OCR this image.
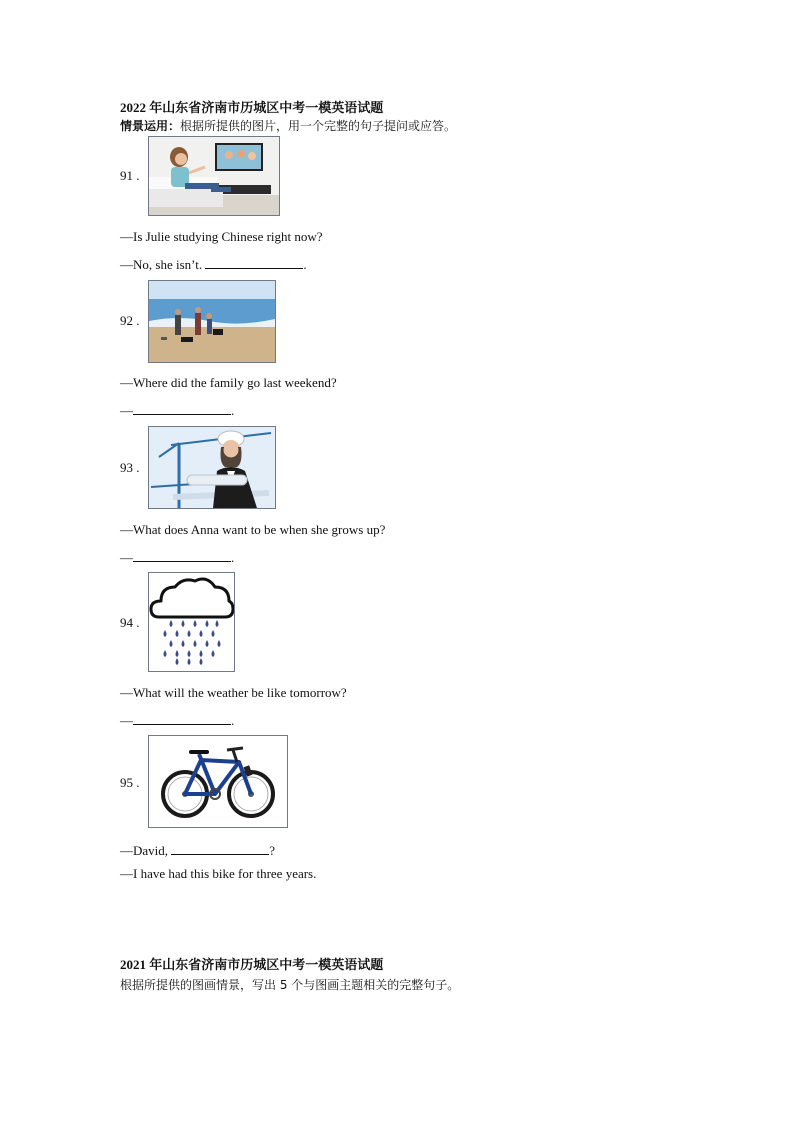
2022 年山东省济南市历城区中考一模英语试题
情景运用：根据所提供的图片，用一个完整的句子提问或应答。
91 .
—Is Julie studying Chinese right now?
—No, she isn’t.	.
92 .
—Where did the family go last weekend?
—	.
93 .
—What does Anna want to be when she grows up?
—	.
94 .
—What will the weather be like tomorrow?
—	.
95 .
—David,	?
—I have had this bike for three years.
2021 年山东省济南市历城区中考一模英语试题
根据所提供的图画情景，写出 5 个与图画主题相关的完整句子。
